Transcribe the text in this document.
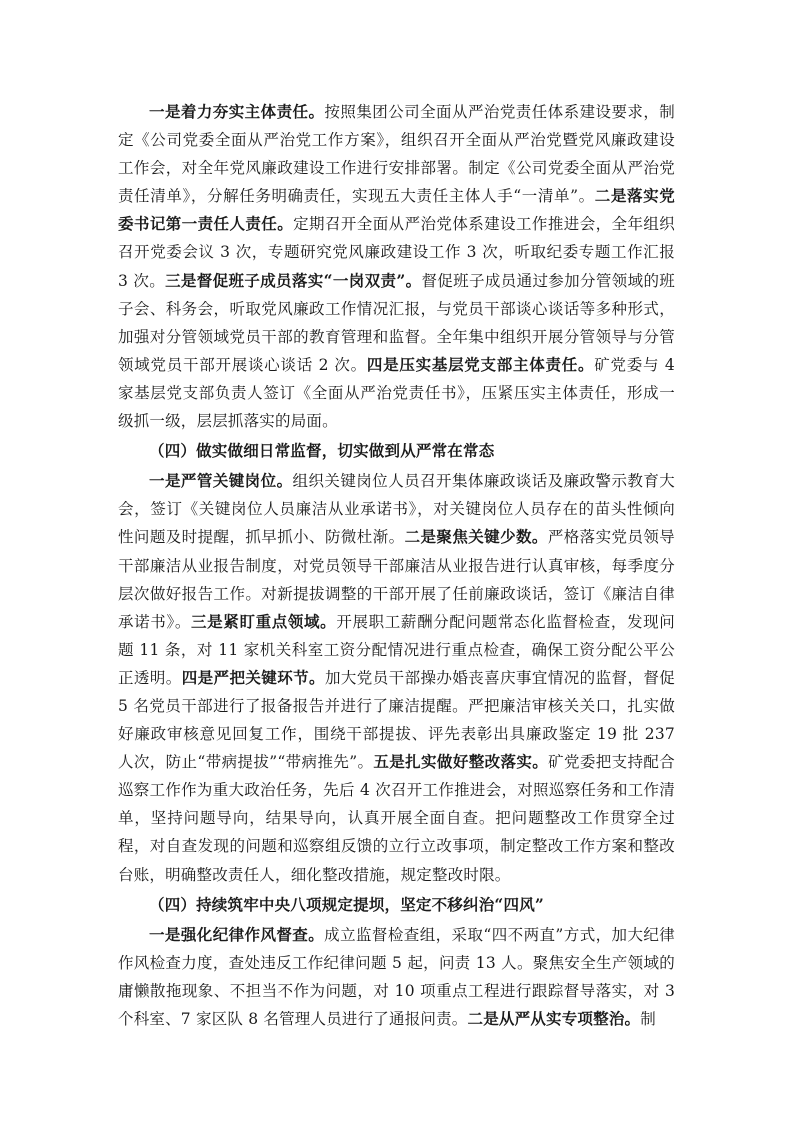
一是着力夯实主体责任。按照集团公司全面从严治党责任体系建设要求，制定《公司党委全面从严治党工作方案》，组织召开全面从严治党暨党风廉政建设工作会，对全年党风廉政建设工作进行安排部署。制定《公司党委全面从严治党责任清单》，分解任务明确责任，实现五大责任主体人手“一清单”。二是落实党委书记第一责任人责任。定期召开全面从严治党体系建设工作推进会，全年组织召开党委会议 3 次，专题研究党风廉政建设工作 3 次，听取纪委专题工作汇报 3 次。三是督促班子成员落实“一岗双责”。督促班子成员通过参加分管领域的班子会、科务会，听取党风廉政工作情况汇报，与党员干部谈心谈话等多种形式，加强对分管领域党员干部的教育管理和监督。全年集中组织开展分管领导与分管领域党员干部开展谈心谈话 2 次。四是压实基层党支部主体责任。矿党委与 4 家基层党支部负责人签订《全面从严治党责任书》，压紧压实主体责任，形成一级抓一级，层层抓落实的局面。

（四）做实做细日常监督，切实做到从严常在常态

一是严管关键岗位。组织关键岗位人员召开集体廉政谈话及廉政警示教育大会，签订《关键岗位人员廉洁从业承诺书》，对关键岗位人员存在的苗头性倾向性问题及时提醒，抓早抓小、防微杜渐。二是聚焦关键少数。严格落实党员领导干部廉洁从业报告制度，对党员领导干部廉洁从业报告进行认真审核，每季度分层次做好报告工作。对新提拔调整的干部开展了任前廉政谈话，签订《廉洁自律承诺书》。三是紧盯重点领域。开展职工薪酬分配问题常态化监督检查，发现问题 11 条，对 11 家机关科室工资分配情况进行重点检查，确保工资分配公平公正透明。四是严把关键环节。加大党员干部操办婚丧喜庆事宜情况的监督，督促 5 名党员干部进行了报备报告并进行了廉洁提醒。严把廉洁审核关关口，扎实做好廉政审核意见回复工作，围绕干部提拔、评先表彰出具廉政鉴定 19 批 237 人次，防止“带病提拔”“带病推先”。五是扎实做好整改落实。矿党委把支持配合巡察工作作为重大政治任务，先后 4 次召开工作推进会，对照巡察任务和工作清单，坚持问题导向，结果导向，认真开展全面自查。把问题整改工作贯穿全过程，对自查发现的问题和巡察组反馈的立行立改事项，制定整改工作方案和整改台账，明确整改责任人，细化整改措施，规定整改时限。

（四）持续筑牢中央八项规定提坝，坚定不移纠治“四风”

一是强化纪律作风督查。成立监督检查组，采取“四不两直”方式，加大纪律作风检查力度，查处违反工作纪律问题 5 起，问责 13 人。聚焦安全生产领域的庸懒散拖现象、不担当不作为问题，对 10 项重点工程进行跟踪督导落实，对 3 个科室、7 家区队 8 名管理人员进行了通报问责。二是从严从实专项整治。制
